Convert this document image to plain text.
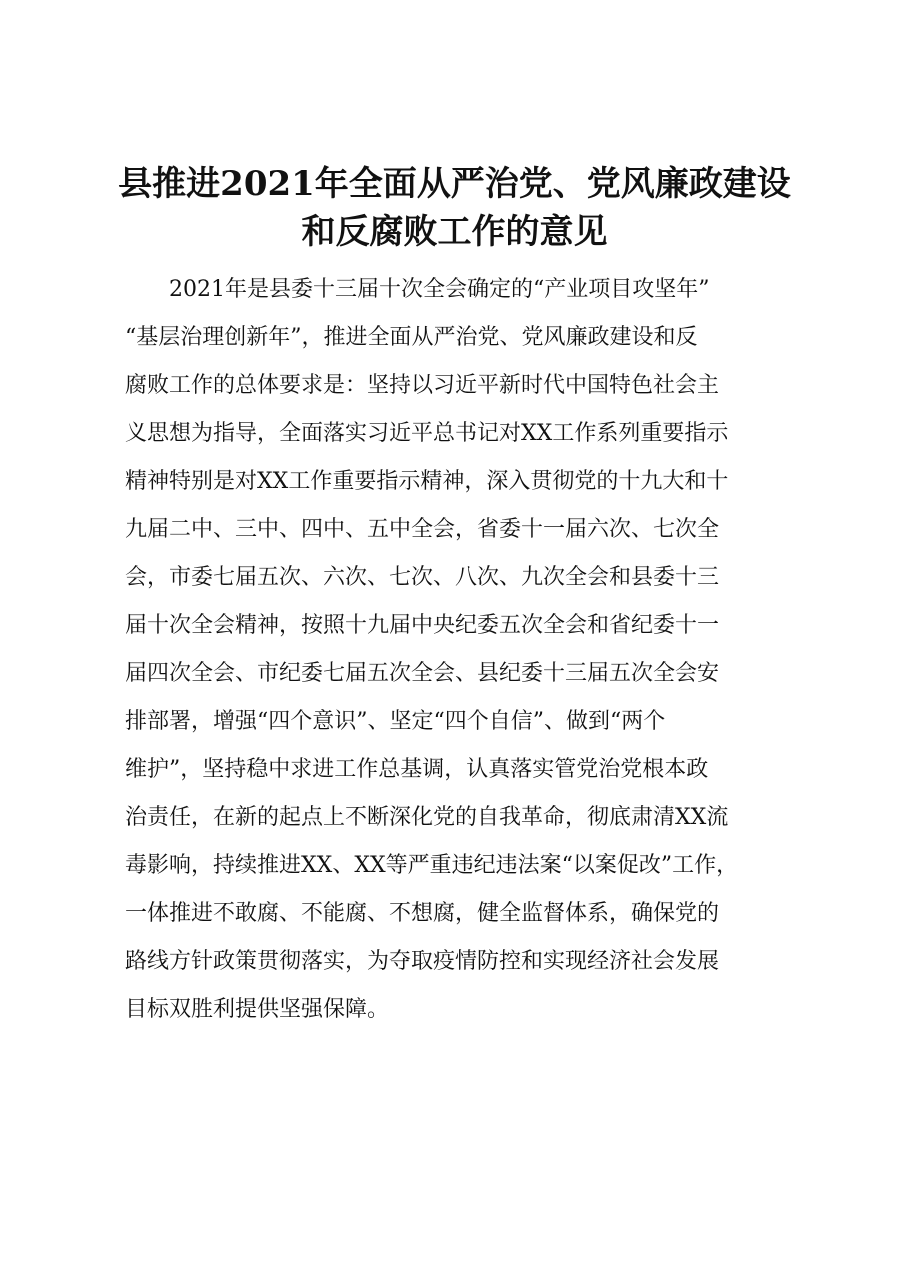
县推进2021年全面从严治党、党风廉政建设
和反腐败工作的意见
2021年是县委十三届十次全会确定的“产业项目攻坚年”
“基层治理创新年”，推进全面从严治党、党风廉政建设和反
腐败工作的总体要求是：坚持以习近平新时代中国特色社会主
义思想为指导，全面落实习近平总书记对XX工作系列重要指示
精神特别是对XX工作重要指示精神，深入贯彻党的十九大和十
九届二中、三中、四中、五中全会，省委十一届六次、七次全
会，市委七届五次、六次、七次、八次、九次全会和县委十三
届十次全会精神，按照十九届中央纪委五次全会和省纪委十一
届四次全会、市纪委七届五次全会、县纪委十三届五次全会安
排部署，增强“四个意识”、坚定“四个自信”、做到“两个
维护”，坚持稳中求进工作总基调，认真落实管党治党根本政
治责任，在新的起点上不断深化党的自我革命，彻底肃清XX流
毒影响，持续推进XX、XX等严重违纪违法案“以案促改”工作，
一体推进不敢腐、不能腐、不想腐，健全监督体系，确保党的
路线方针政策贯彻落实，为夺取疫情防控和实现经济社会发展
目标双胜利提供坚强保障。
